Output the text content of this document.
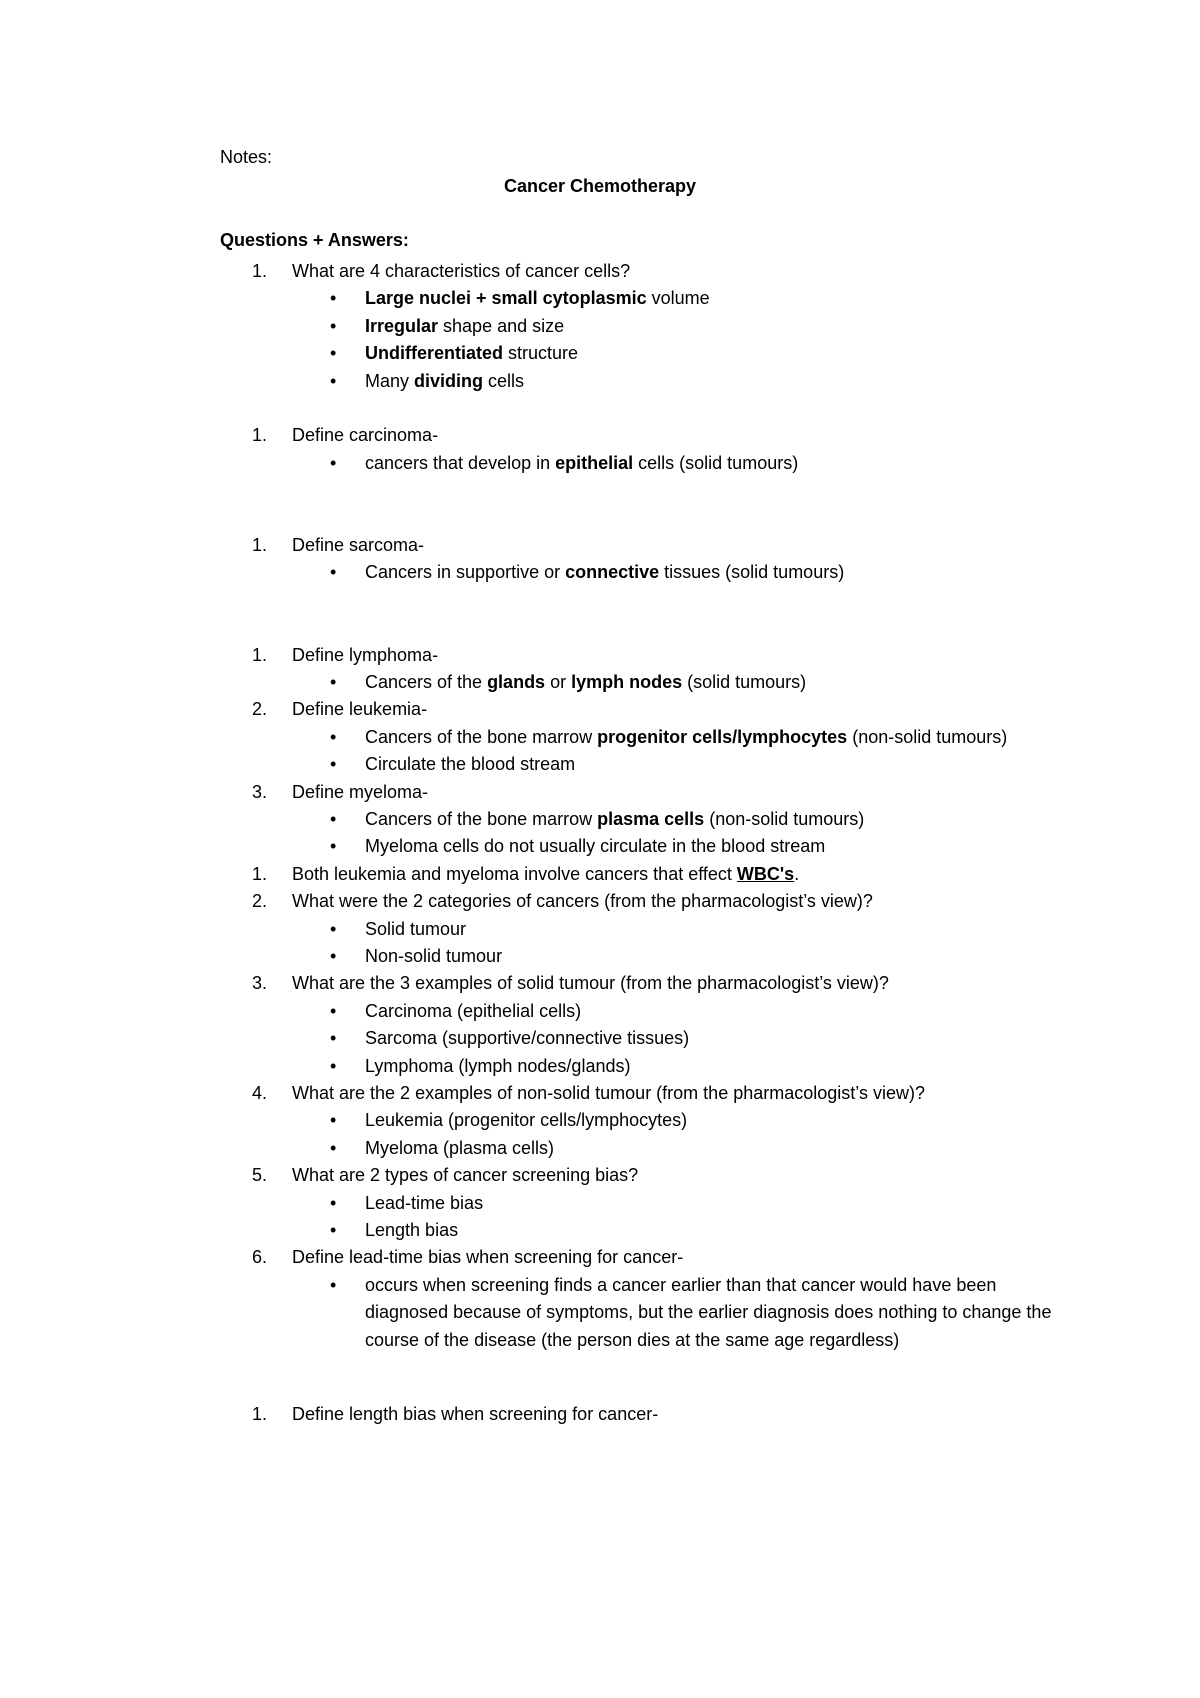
Notes:
Cancer Chemotherapy
Questions + Answers:
1. What are 4 characteristics of cancer cells?
• Large nuclei + small cytoplasmic volume
• Irregular shape and size
• Undifferentiated structure
• Many dividing cells
1. Define carcinoma-
• cancers that develop in epithelial cells (solid tumours)
1. Define sarcoma-
• Cancers in supportive or connective tissues (solid tumours)
1. Define lymphoma-
• Cancers of the glands or lymph nodes (solid tumours)
2. Define leukemia-
• Cancers of the bone marrow progenitor cells/lymphocytes (non-solid tumours)
• Circulate the blood stream
3. Define myeloma-
• Cancers of the bone marrow plasma cells (non-solid tumours)
• Myeloma cells do not usually circulate in the blood stream
1. Both leukemia and myeloma involve cancers that effect WBC's.
2. What were the 2 categories of cancers (from the pharmacologist’s view)?
• Solid tumour
• Non-solid tumour
3. What are the 3 examples of solid tumour (from the pharmacologist’s view)?
• Carcinoma (epithelial cells)
• Sarcoma (supportive/connective tissues)
• Lymphoma (lymph nodes/glands)
4. What are the 2 examples of non-solid tumour (from the pharmacologist’s view)?
• Leukemia (progenitor cells/lymphocytes)
• Myeloma (plasma cells)
5. What are 2 types of cancer screening bias?
• Lead-time bias
• Length bias
6. Define lead-time bias when screening for cancer-
• occurs when screening finds a cancer earlier than that cancer would have been diagnosed because of symptoms, but the earlier diagnosis does nothing to change the course of the disease (the person dies at the same age regardless)
1. Define length bias when screening for cancer-
